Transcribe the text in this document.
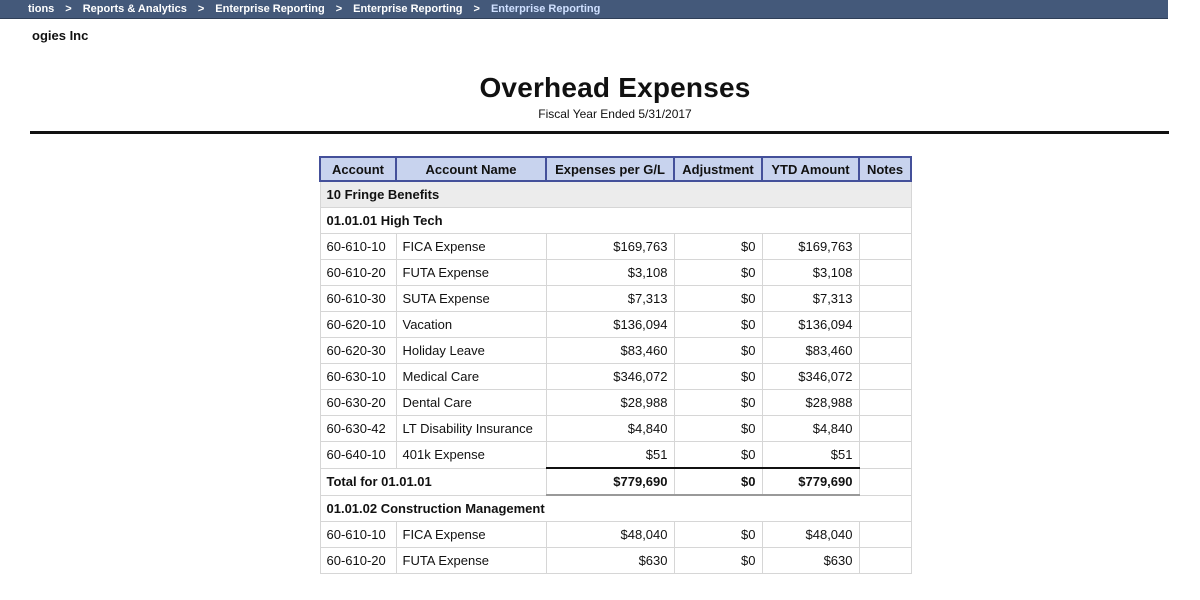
tions > Reports & Analytics > Enterprise Reporting > Enterprise Reporting > Enterprise Reporting
ogies Inc
Overhead Expenses
Fiscal Year Ended 5/31/2017
Account	Account Name	Expenses per G/L	Adjustment	YTD Amount	Notes
10 Fringe Benefits					
01.01.01 High Tech					
60-610-10	FICA Expense	$169,763	$0	$169,763	
60-610-20	FUTA Expense	$3,108	$0	$3,108	
60-610-30	SUTA Expense	$7,313	$0	$7,313	
60-620-10	Vacation	$136,094	$0	$136,094	
60-620-30	Holiday Leave	$83,460	$0	$83,460	
60-630-10	Medical Care	$346,072	$0	$346,072	
60-630-20	Dental Care	$28,988	$0	$28,988	
60-630-42	LT Disability Insurance	$4,840	$0	$4,840	
60-640-10	401k Expense	$51	$0	$51	
Total for 01.01.01		$779,690	$0	$779,690	
01.01.02 Construction Management					
60-610-10	FICA Expense	$48,040	$0	$48,040	
60-610-20	FUTA Expense	$630	$0	$630	
